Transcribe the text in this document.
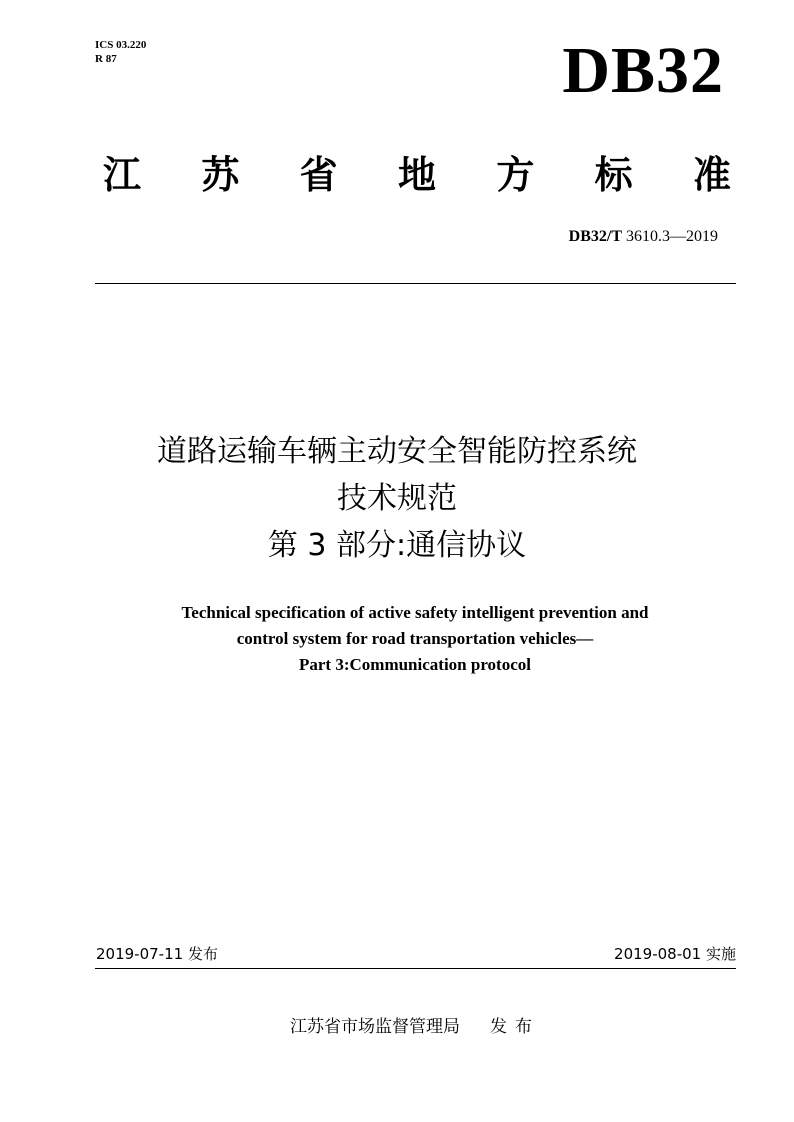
ICS 03.220
R 87	DB32
江 苏 省 地 方 标 准
DB32/T 3610.3—2019
道路运输车辆主动安全智能防控系统
技术规范
第 3 部分:通信协议
Technical specification of active safety intelligent prevention and
control system for road transportation vehicles—
Part 3:Communication protocol
2019-07-11 发布	2019-08-01 实施
江苏省市场监督管理局 发布
